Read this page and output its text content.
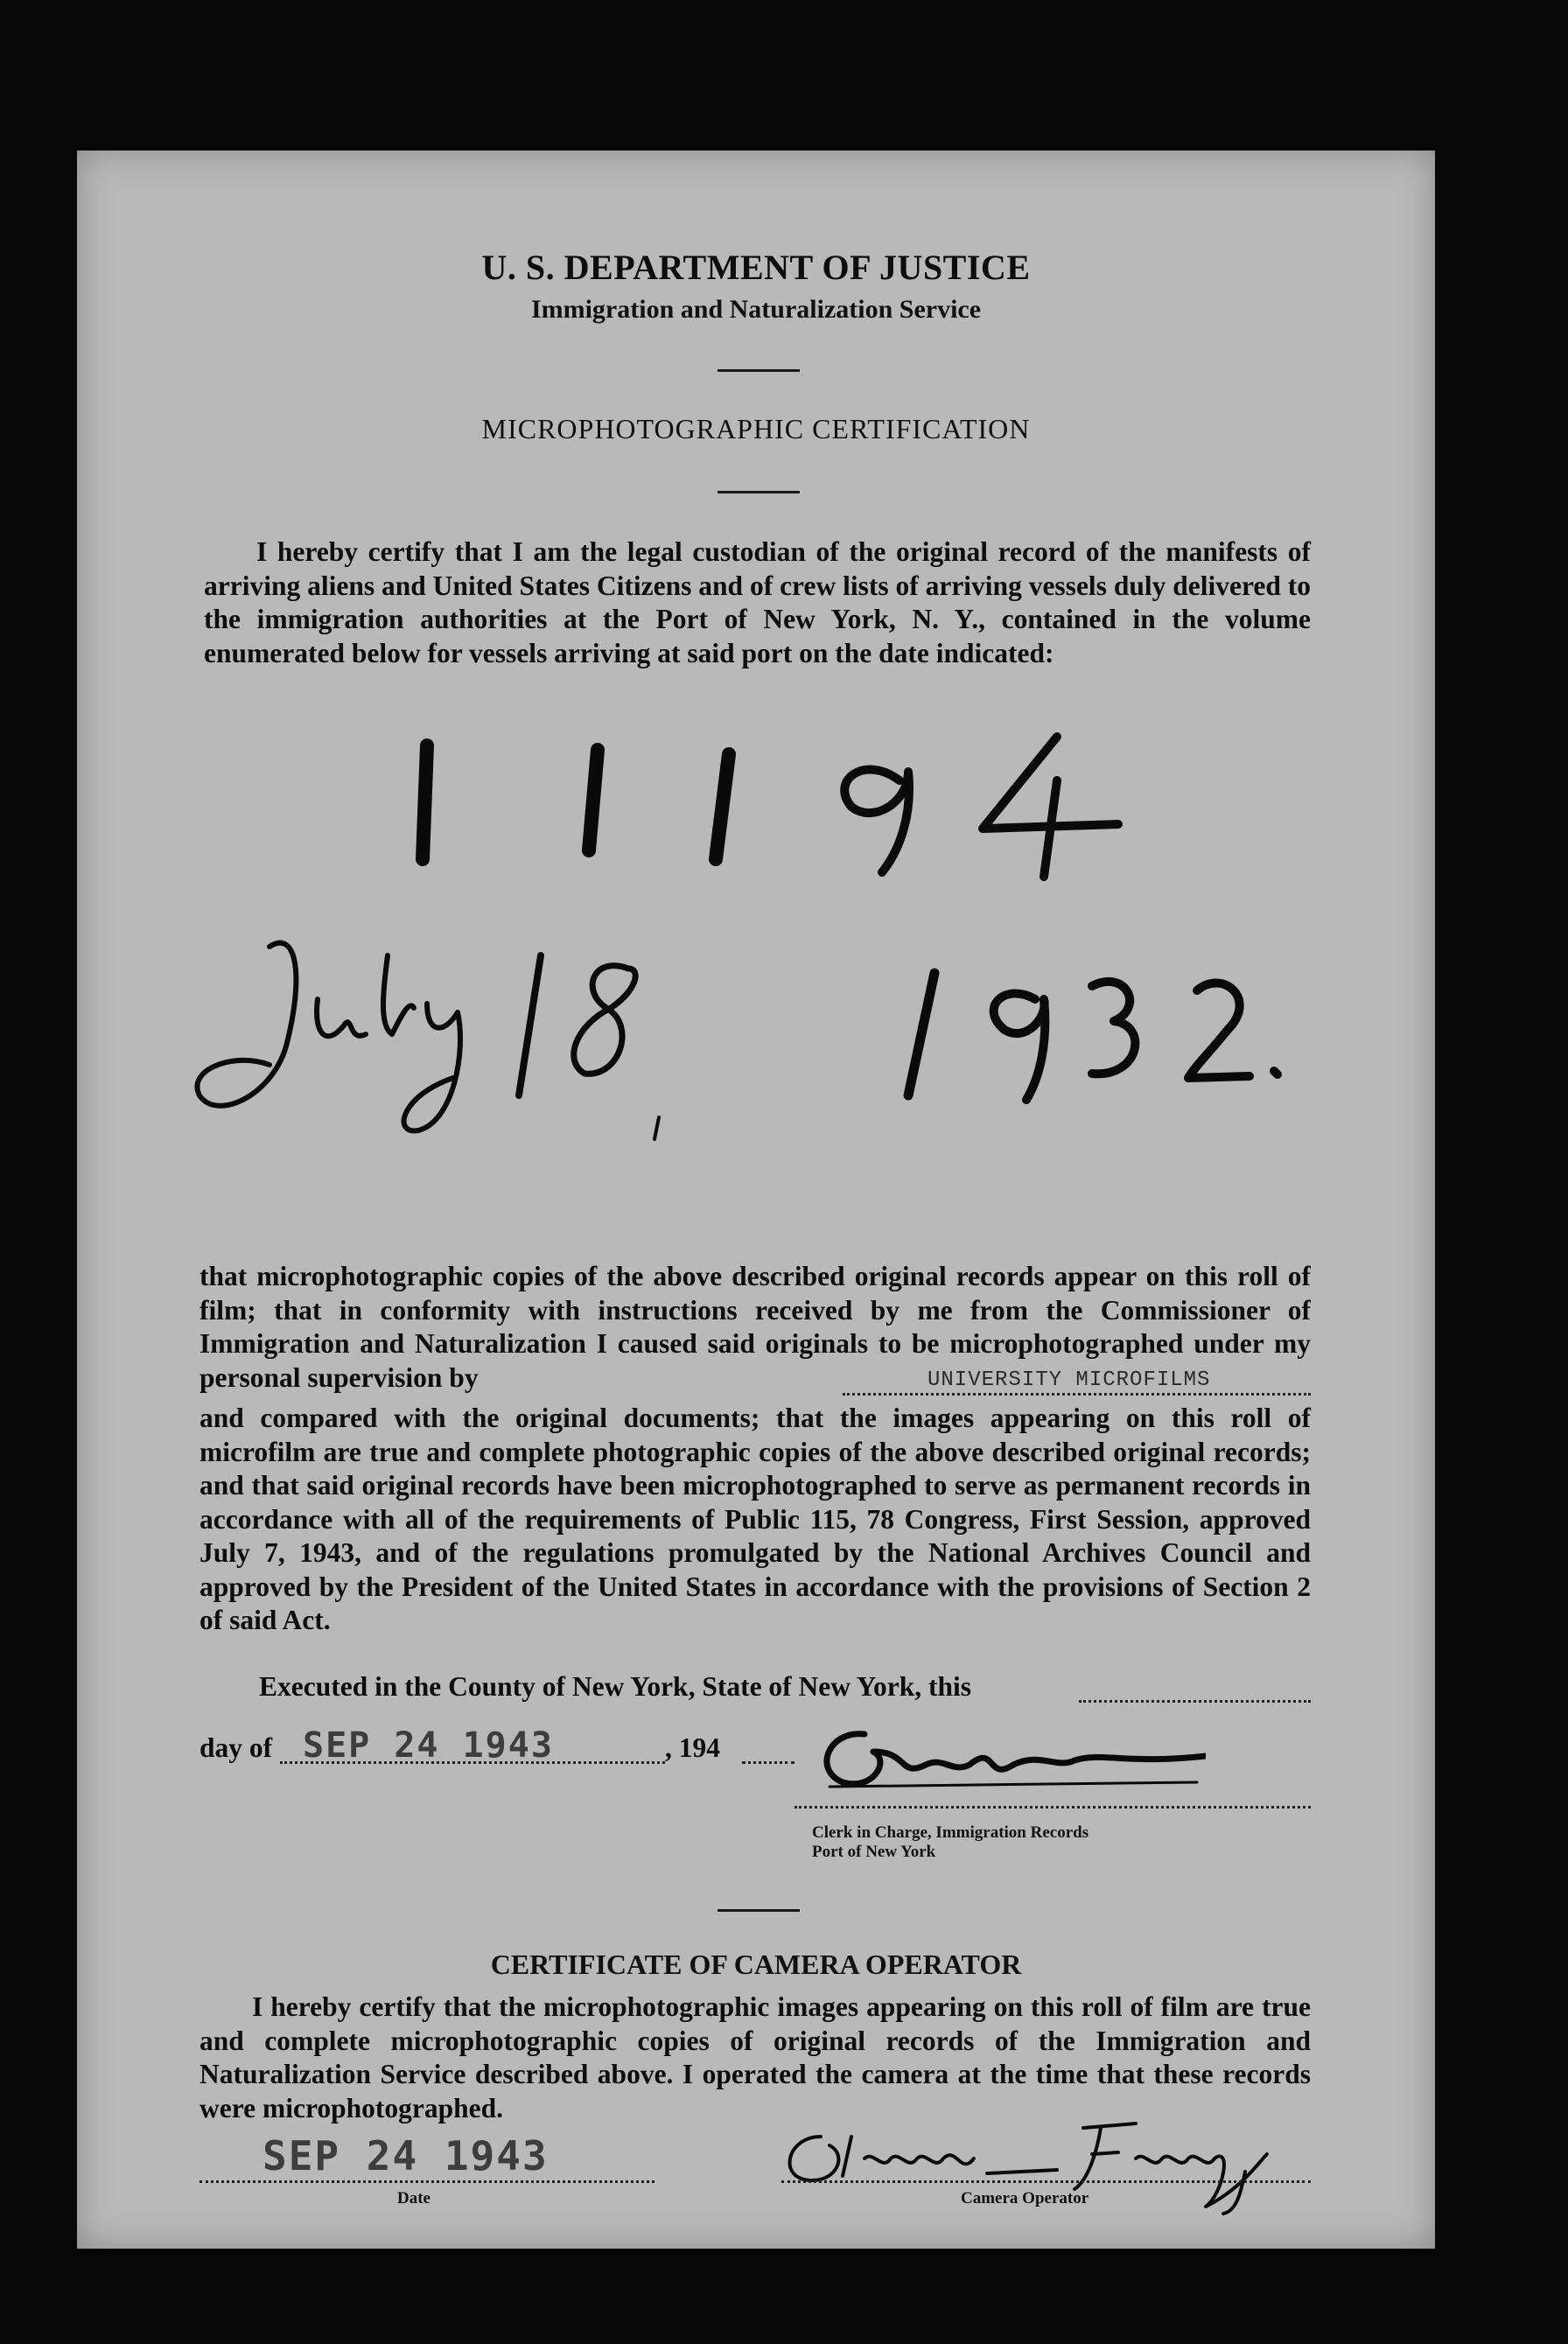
U. S. DEPARTMENT OF JUSTICE
Immigration and Naturalization Service
MICROPHOTOGRAPHIC CERTIFICATION
I hereby certify that I am the legal custodian of the original record of the manifests of arriving aliens and United States Citizens and of crew lists of arriving vessels duly delivered to the immigration authorities at the Port of New York, N. Y., contained in the volume enumerated below for vessels arriving at said port on the date indicated:
that microphotographic copies of the above described original records appear on this roll of film; that in conformity with instructions received by me from the Commissioner of Immigration and Naturalization I caused said originals to be microphotographed under my personal supervision by	UNIVERSITY MICROFILMS
and compared with the original documents; that the images appearing on this roll of microfilm are true and complete photographic copies of the above described original records; and that said original records have been microphotographed to serve as permanent records in accordance with all of the requirements of Public 115, 78 Congress, First Session, approved July 7, 1943, and of the regulations promulgated by the National Archives Council and approved by the President of the United States in accordance with the provisions of Section 2 of said Act.
Executed in the County of New York, State of New York, this
day of SEP 24 1943	, 194
Clerk in Charge, Immigration Records
Port of New York
CERTIFICATE OF CAMERA OPERATOR
I hereby certify that the microphotographic images appearing on this roll of film are true and complete microphotographic copies of original records of the Immigration and Naturalization Service described above. I operated the camera at the time that these records were microphotographed.
SEP 24 1943
Date	Camera Operator
